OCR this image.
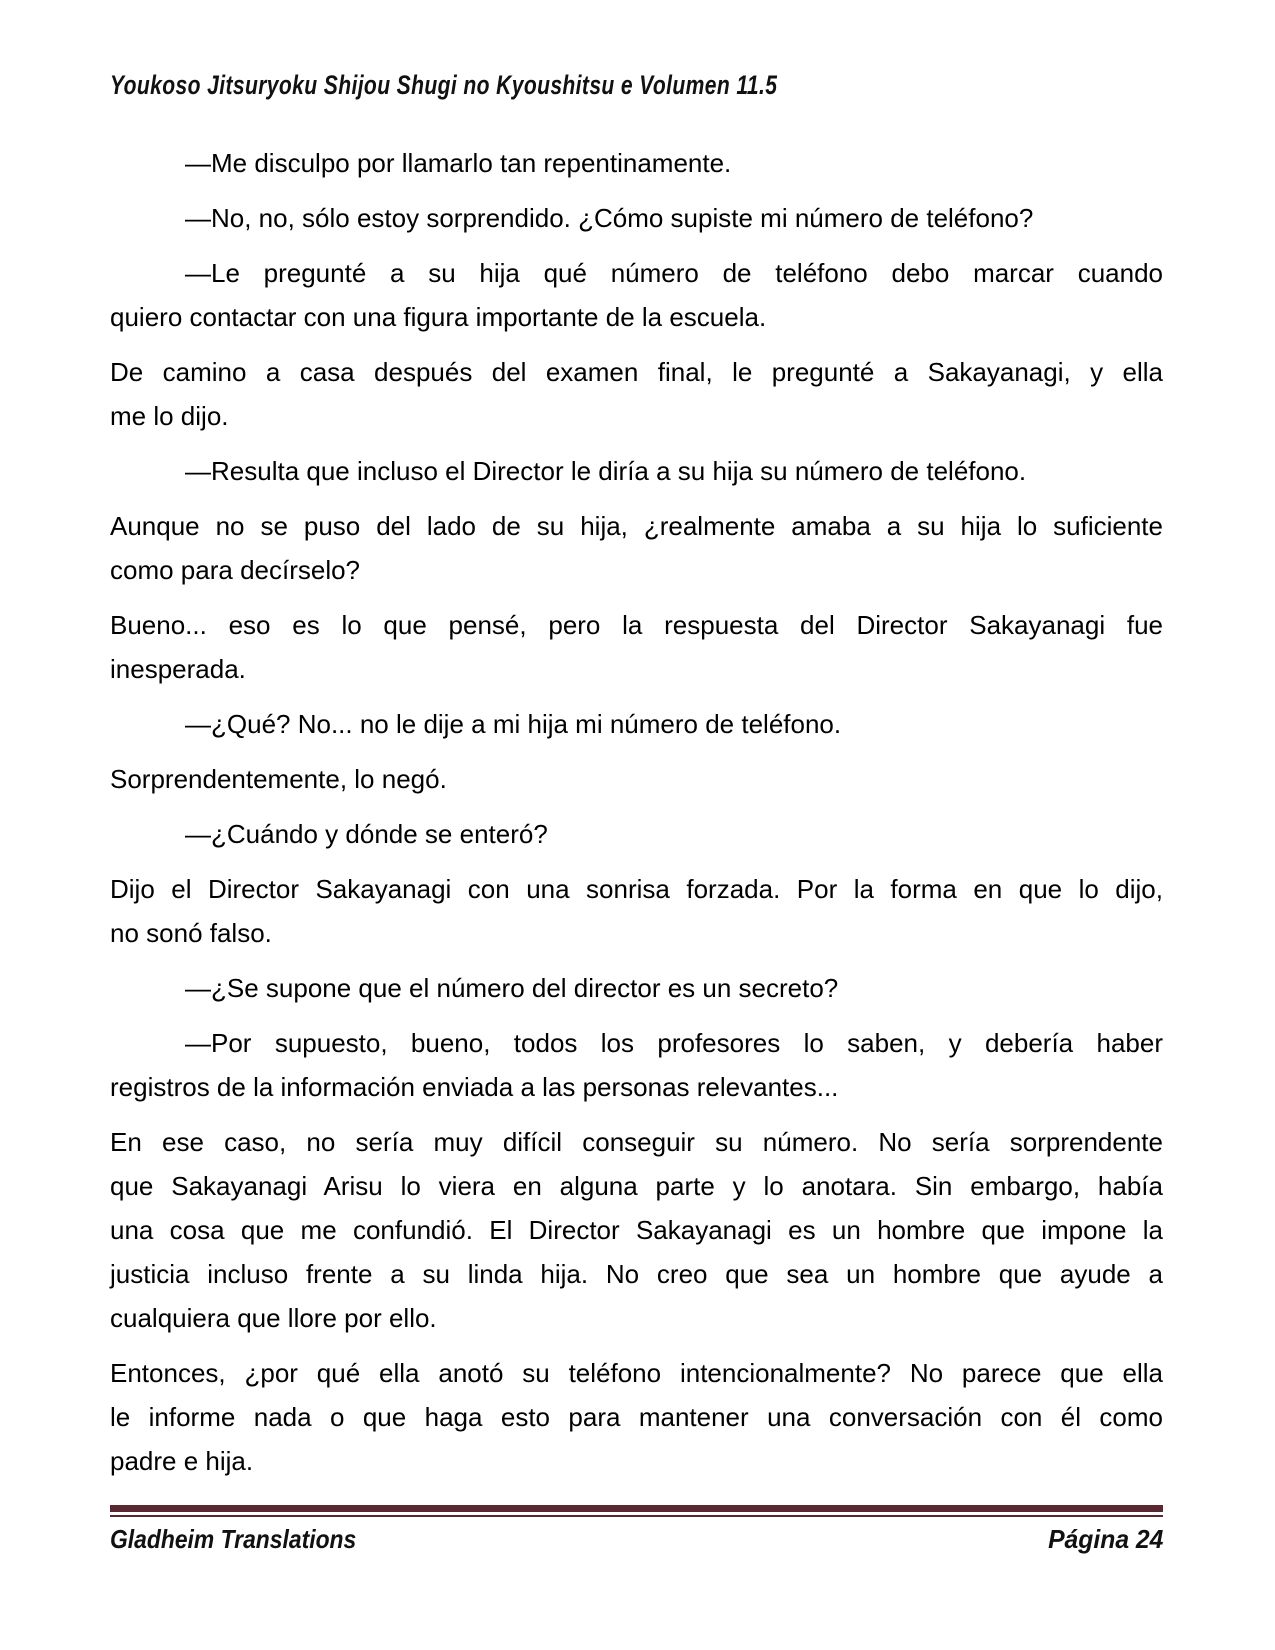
Youkoso Jitsuryoku Shijou Shugi no Kyoushitsu e Volumen 11.5
—Me disculpo por llamarlo tan repentinamente.
—No, no, sólo estoy sorprendido. ¿Cómo supiste mi número de teléfono?
—Le pregunté a su hija qué número de teléfono debo marcar cuando
quiero contactar con una figura importante de la escuela.
De camino a casa después del examen final, le pregunté a Sakayanagi, y ella
me lo dijo.
—Resulta que incluso el Director le diría a su hija su número de teléfono.
Aunque no se puso del lado de su hija, ¿realmente amaba a su hija lo suficiente
como para decírselo?
Bueno... eso es lo que pensé, pero la respuesta del Director Sakayanagi fue
inesperada.
—¿Qué? No... no le dije a mi hija mi número de teléfono.
Sorprendentemente, lo negó.
—¿Cuándo y dónde se enteró?
Dijo el Director Sakayanagi con una sonrisa forzada. Por la forma en que lo dijo,
no sonó falso.
—¿Se supone que el número del director es un secreto?
—Por supuesto, bueno, todos los profesores lo saben, y debería haber
registros de la información enviada a las personas relevantes...
En ese caso, no sería muy difícil conseguir su número. No sería sorprendente
que Sakayanagi Arisu lo viera en alguna parte y lo anotara. Sin embargo, había
una cosa que me confundió. El Director Sakayanagi es un hombre que impone la
justicia incluso frente a su linda hija. No creo que sea un hombre que ayude a
cualquiera que llore por ello.
Entonces, ¿por qué ella anotó su teléfono intencionalmente? No parece que ella
le informe nada o que haga esto para mantener una conversación con él como
padre e hija.
Gladheim Translations	Página 24
